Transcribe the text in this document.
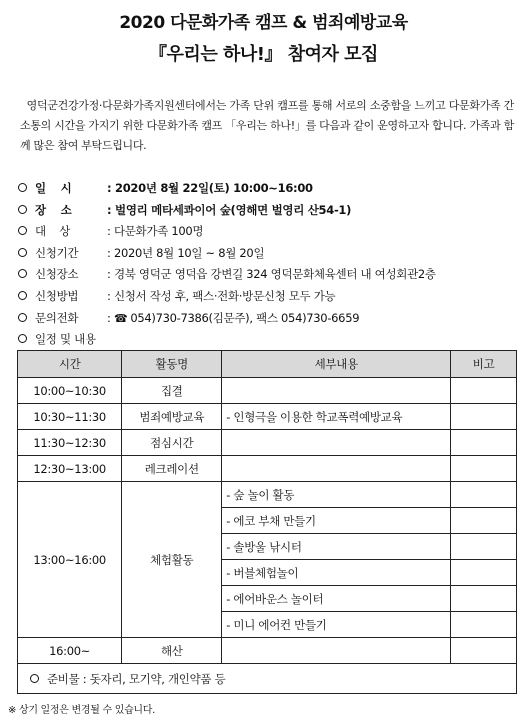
2020 다문화가족 캠프 & 범죄예방교육
『우리는 하나!』 참여자 모집
영덕군건강가정·다문화가족지원센터에서는 가족 단위 캠프를 통해 서로의 소중함을 느끼고 다문화가족 간 소통의 시간을 가지기 위한 다문화가족 캠프 「우리는 하나!」를 다음과 같이 운영하고자 합니다. 가족과 함께 많은 참여 부탁드립니다.
일    시	: 2020년 8월 22일(토) 10:00~16:00
장    소	: 벌영리 메타세콰이어 숲(영해면 벌영리 산54-1)
대    상	: 다문화가족 100명
신청기간	: 2020년 8월 10일 ~ 8월 20일
신청장소	: 경북 영덕군 영덕읍 강변길 324 영덕문화체육센터 내 여성회관2층
신청방법	: 신청서 작성 후, 팩스·전화·방문신청 모두 가능
문의전화	: ☎ 054)730-7386(김문주), 팩스 054)730-6659
일정 및 내용
시간	활동명	세부내용	비고
10:00~10:30	집결		
10:30~11:30	범죄예방교육	- 인형극을 이용한 학교폭력예방교육	
11:30~12:30	점심시간		
12:30~13:00	레크레이션		
13:00~16:00	체험활동	- 숲 놀이 활동	
		- 에코 부채 만들기	
		- 솔방울 낚시터	
		- 버블체험놀이	
		- 에어바운스 놀이터	
		- 미니 에어컨 만들기	
16:00~	해산		
준비물 : 돗자리, 모기약, 개인약품 등			
※ 상기 일정은 변경될 수 있습니다.
